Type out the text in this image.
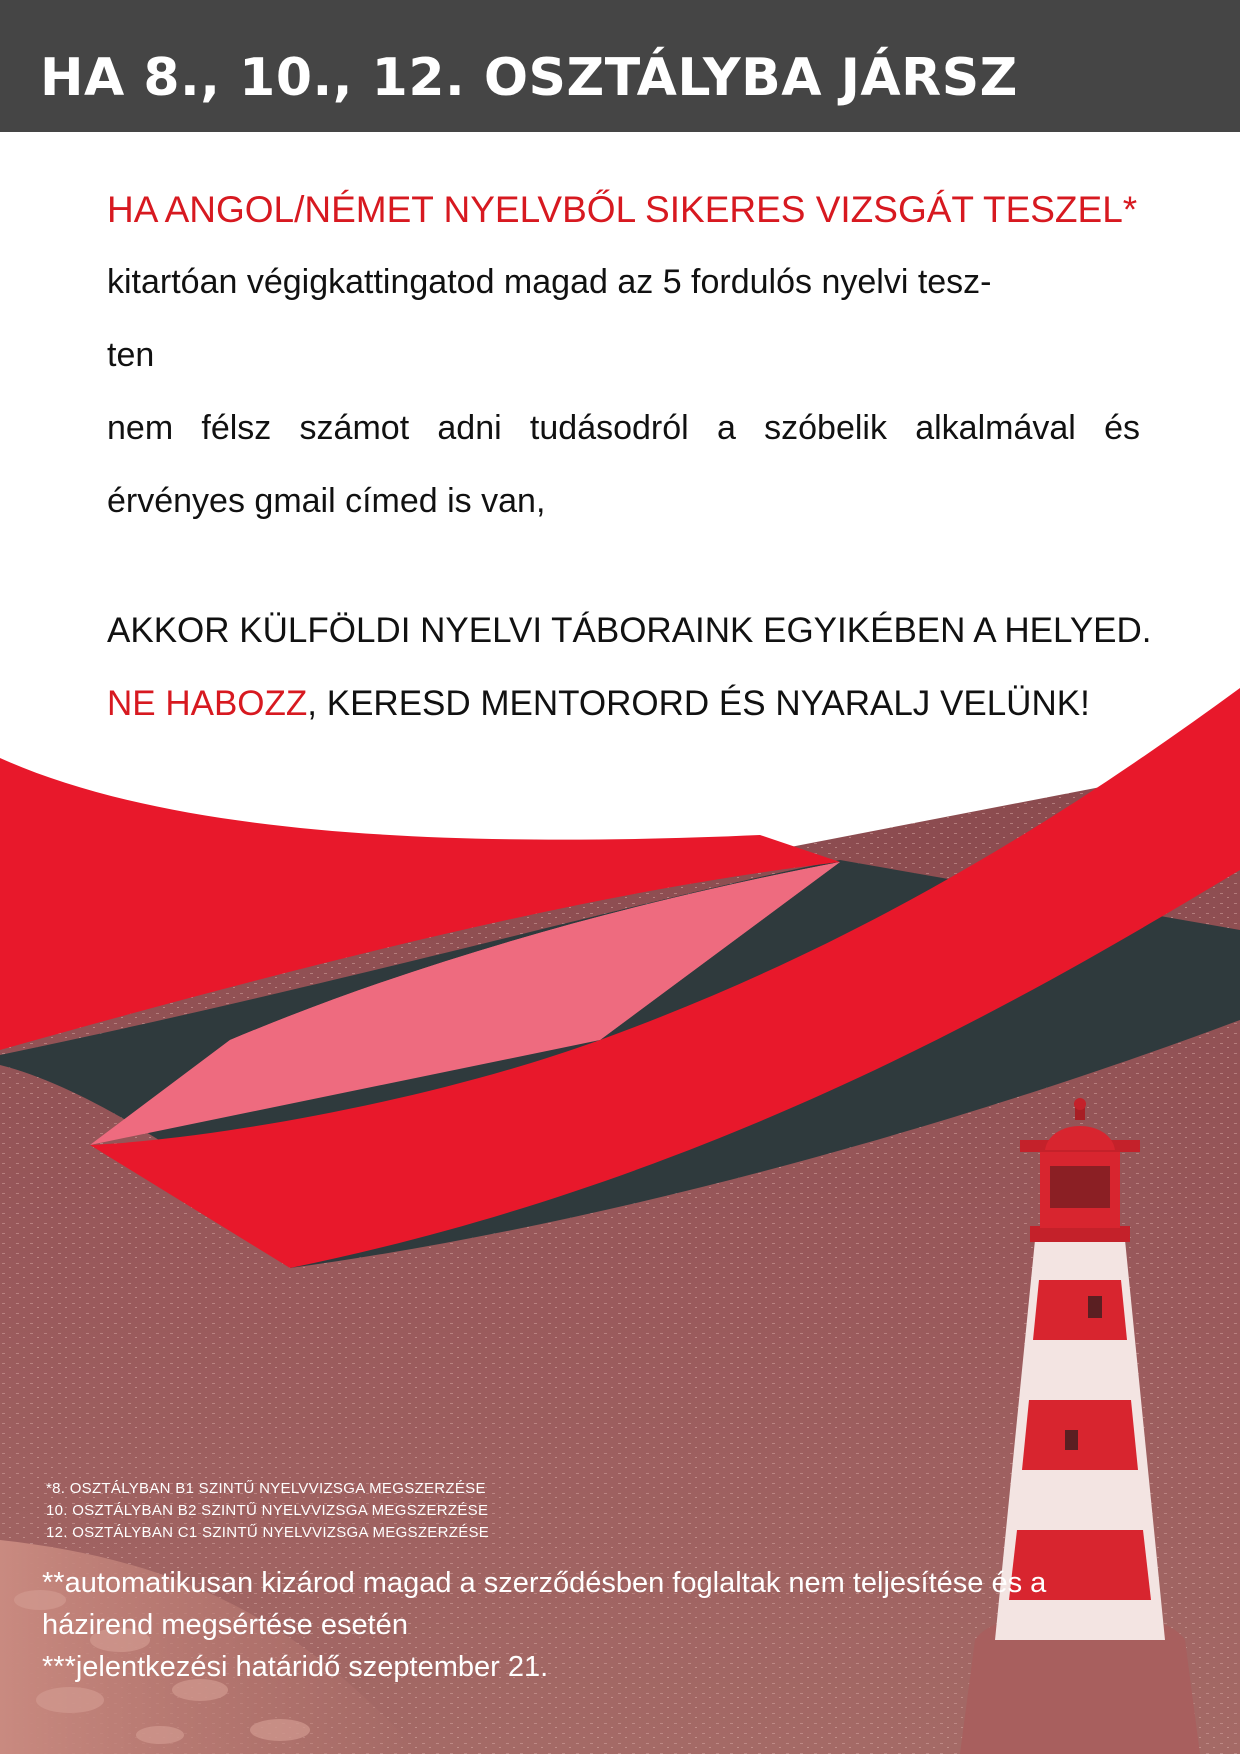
HA 8., 10., 12. OSZTÁLYBA JÁRSZ

HA ANGOL/NÉMET NYELVBŐL SIKERES VIZSGÁT TESZEL*

kitartóan végigkattingatod magad az 5 fordulós nyelvi tesz-

ten

nem félsz számot adni tudásodról a szóbelik alkalmával és

érvényes gmail címed is van,

AKKOR KÜLFÖLDI NYELVI TÁBORAINK EGYIKÉBEN A HELYED.

NE HABOZZ, KERESD MENTORORD ÉS NYARALJ VELÜNK!

*8. OSZTÁLYBAN B1 SZINTŰ NYELVVIZSGA MEGSZERZÉSE
10. OSZTÁLYBAN B2 SZINTŰ NYELVVIZSGA MEGSZERZÉSE
12. OSZTÁLYBAN C1 SZINTŰ NYELVVIZSGA MEGSZERZÉSE
**automatikusan kizárod magad a szerződésben foglaltak nem teljesítése és a
házirend megsértése esetén
***jelentkezési határidő szeptember 21.
